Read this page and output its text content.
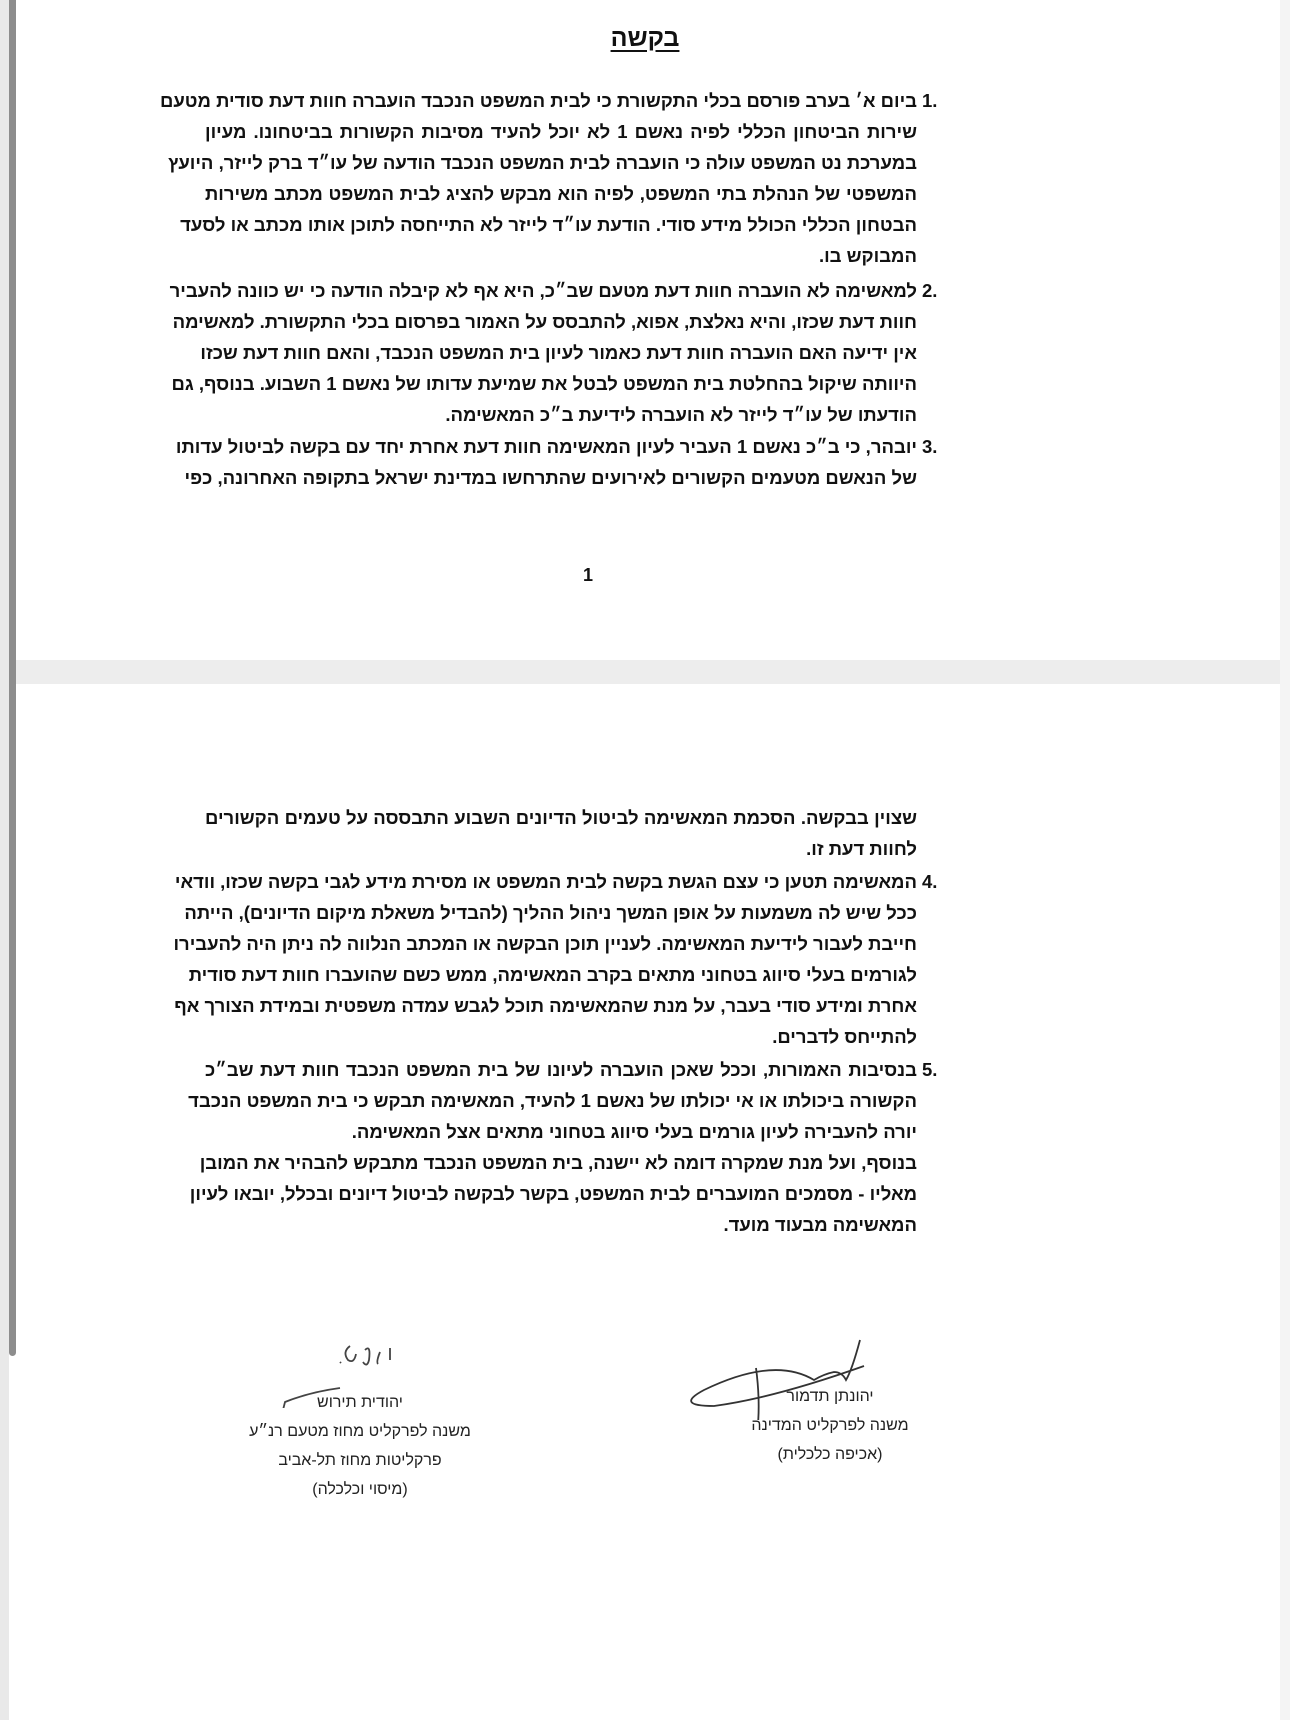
בקשה
1.
ביום א׳ בערב פורסם בכלי התקשורת כי לבית המשפט הנכבד הועברה חוות דעת סודית מטעם
שירות הביטחון הכללי לפיה נאשם 1 לא יוכל להעיד מסיבות הקשורות בביטחונו. מעיון
במערכת נט המשפט עולה כי הועברה לבית המשפט הנכבד הודעה של עו״ד ברק לייזר, היועץ
המשפטי של הנהלת בתי המשפט, לפיה הוא מבקש להציג לבית המשפט מכתב משירות
הבטחון הכללי הכולל מידע סודי. הודעת עו״ד לייזר לא התייחסה לתוכן אותו מכתב או לסעד
המבוקש בו.
2.
למאשימה לא הועברה חוות דעת מטעם שב״כ, היא אף לא קיבלה הודעה כי יש כוונה להעביר
חוות דעת שכזו, והיא נאלצת, אפוא, להתבסס על האמור בפרסום בכלי התקשורת. למאשימה
אין ידיעה האם הועברה חוות דעת כאמור לעיון בית המשפט הנכבד, והאם חוות דעת שכזו
היוותה שיקול בהחלטת בית המשפט לבטל את שמיעת עדותו של נאשם 1 השבוע. בנוסף, גם
הודעתו של עו״ד לייזר לא הועברה לידיעת ב״כ המאשימה.
3.
יובהר, כי ב״כ נאשם 1 העביר לעיון המאשימה חוות דעת אחרת יחד עם בקשה לביטול עדותו
של הנאשם מטעמים הקשורים לאירועים שהתרחשו במדינת ישראל בתקופה האחרונה, כפי
שצוין בבקשה. הסכמת המאשימה לביטול הדיונים השבוע התבססה על טעמים הקשורים
לחוות דעת זו.
4.
המאשימה תטען כי עצם הגשת בקשה לבית המשפט או מסירת מידע לגבי בקשה שכזו, וודאי
ככל שיש לה משמעות על אופן המשך ניהול ההליך (להבדיל משאלת מיקום הדיונים), הייתה
חייבת לעבור לידיעת המאשימה. לעניין תוכן הבקשה או המכתב הנלווה לה ניתן היה להעבירו
לגורמים בעלי סיווג בטחוני מתאים בקרב המאשימה, ממש כשם שהועברו חוות דעת סודית
אחרת ומידע סודי בעבר, על מנת שהמאשימה תוכל לגבש עמדה משפטית ובמידת הצורך אף
להתייחס לדברים.
5.
בנסיבות האמורות, וככל שאכן הועברה לעיונו של בית המשפט הנכבד חוות דעת שב״כ
הקשורה ביכולתו או אי יכולתו של נאשם 1 להעיד, המאשימה תבקש כי בית המשפט הנכבד
יורה להעבירה לעיון גורמים בעלי סיווג בטחוני מתאים אצל המאשימה.
בנוסף, ועל מנת שמקרה דומה לא יישנה, בית המשפט הנכבד מתבקש להבהיר את המובן
מאליו - מסמכים המועברים לבית המשפט, בקשר לבקשה לביטול דיונים ובכלל, יובאו לעיון
המאשימה מבעוד מועד.
1
יהודית תירוש
משנה לפרקליט מחוז מטעם רנ״ע
פרקליטות מחוז תל-אביב
(מיסוי וכלכלה)
יהונתן תדמור
משנה לפרקליט המדינה
(אכיפה כלכלית)
